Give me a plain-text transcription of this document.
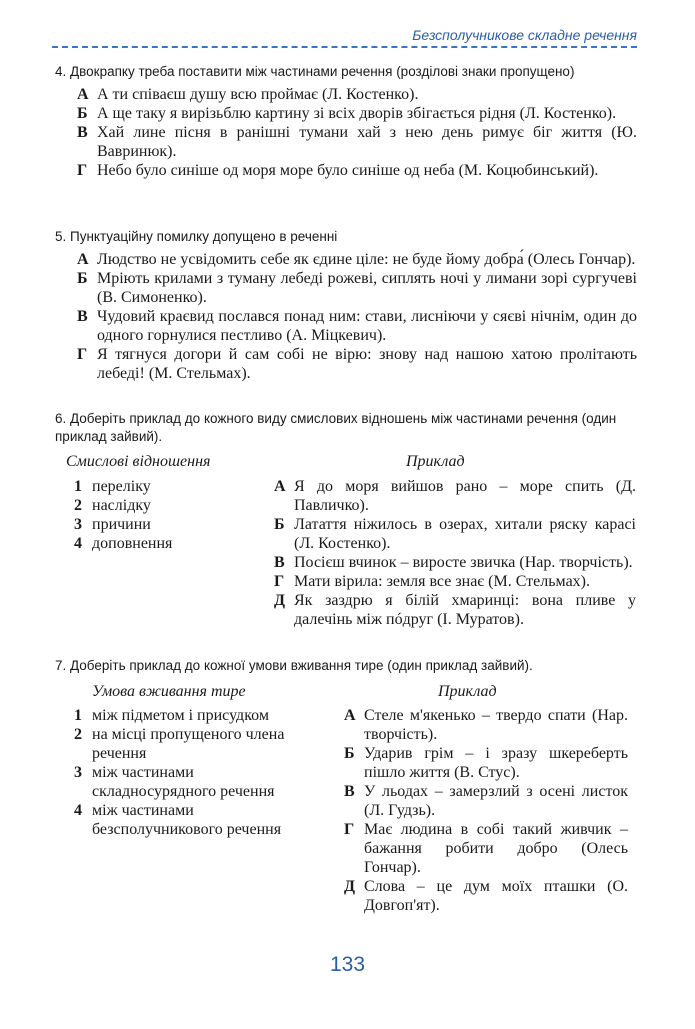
Безсполучникове складне речення
4. Двокрапку треба поставити між частинами речення (розділові знаки пропущено)
А А ти співаєш душу всю проймає (Л. Костенко).
Б А ще таку я вирізьблю картину зі всіх дворів збігається рідня (Л. Костенко).
В Хай лине пісня в ранішні тумани хай з нею день римує біг життя (Ю. Вавринюк).
Г Небо було синіше од моря море було синіше од неба (М. Коцюбинський).
5. Пунктуаційну помилку допущено в реченні
А Людство не усвідомить себе як єдине ціле: не буде йому добра́ (Олесь Гончар).
Б Мріють крилами з туману лебеді рожеві, сиплять ночі у лимани зорі сургучеві (В. Симоненко).
В Чудовий краєвид послався понад ним: стави, лиснiючи у сяєві нічнім, один до одного горнулися пестливо (А. Міцкевич).
Г Я тягнуся догори й сам собі не вірю: знову над нашою хатою пролітають лебеді! (М. Стельмах).
6. Доберіть приклад до кожного виду смислових відношень між частинами речення (один приклад зайвий).
Смислові відношення	Приклад
1 переліку
2 наслідку
3 причини
4 доповнення
А Я до моря вийшов рано – море спить (Д. Павличко).
Б Латаття ніжилось в озерах, хитали ряску карасі (Л. Костенко).
В Посієш вчинок – виросте звичка (Нар. творчість).
Г Мати вірила: земля все знає (М. Стельмах).
Д Як заздрю я білій хмаринці: вона пливе у далечінь між пóдруг (І. Муратов).
7. Доберіть приклад до кожної умови вживання тире (один приклад зайвий).
Умова вживання тире	Приклад
1 між підметом і присудком
2 на місці пропущеного члена речення
3 між частинами складносурядного речення
4 між частинами безсполучникового речення
А Стеле м'якенько – твердо спати (Нар. творчість).
Б Ударив грім – і зразу шкереберть пішло життя (В. Стус).
В У льодах – замерзлий з осені листок (Л. Гудзь).
Г Має людина в собі такий живчик – бажання робити добро (Олесь Гончар).
Д Слова – це дум моїх пташки (О. Довгоп'ят).
133
